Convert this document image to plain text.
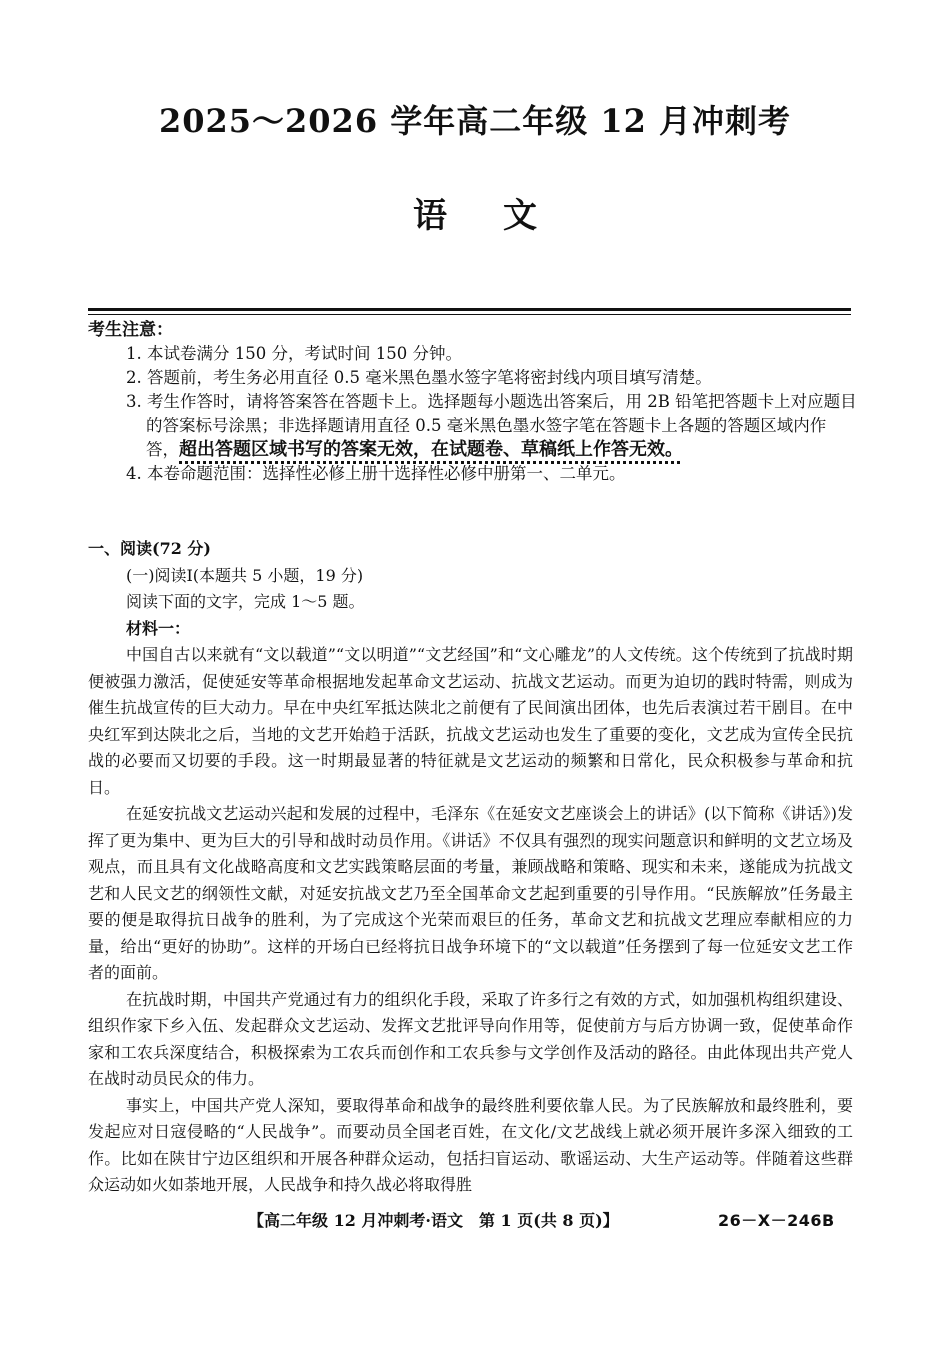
2025～2026 学年高二年级 12 月冲刺考
语文
考生注意：
1. 本试卷满分 150 分，考试时间 150 分钟。
2. 答题前，考生务必用直径 0.5 毫米黑色墨水签字笔将密封线内项目填写清楚。
3. 考生作答时，请将答案答在答题卡上。选择题每小题选出答案后，用 2B 铅笔把答题卡上对应题目的答案标号涂黑；非选择题请用直径 0.5 毫米黑色墨水签字笔在答题卡上各题的答题区域内作答，超出答题区域书写的答案无效，在试题卷、草稿纸上作答无效。
4. 本卷命题范围：选择性必修上册十选择性必修中册第一、二单元。
一、阅读(72 分)
(一)阅读Ⅰ(本题共 5 小题，19 分)
阅读下面的文字，完成 1～5 题。
材料一：

中国自古以来就有“文以载道”“文以明道”“文艺经国”和“文心雕龙”的人文传统。这个传统到了抗战时期便被强力激活，促使延安等革命根据地发起革命文艺运动、抗战文艺运动。而更为迫切的践时特需，则成为催生抗战宣传的巨大动力。早在中央红军抵达陕北之前便有了民间演出团体，也先后表演过若干剧目。在中央红军到达陕北之后，当地的文艺开始趋于活跃，抗战文艺运动也发生了重要的变化，文艺成为宣传全民抗战的必要而又切要的手段。这一时期最显著的特征就是文艺运动的频繁和日常化，民众积极参与革命和抗日。

在延安抗战文艺运动兴起和发展的过程中，毛泽东《在延安文艺座谈会上的讲话》(以下简称《讲话》)发挥了更为集中、更为巨大的引导和战时动员作用。《讲话》不仅具有强烈的现实问题意识和鲜明的文艺立场及观点，而且具有文化战略高度和文艺实践策略层面的考量，兼顾战略和策略、现实和未来，遂能成为抗战文艺和人民文艺的纲领性文献，对延安抗战文艺乃至全国革命文艺起到重要的引导作用。“民族解放”任务最主要的便是取得抗日战争的胜利，为了完成这个光荣而艰巨的任务，革命文艺和抗战文艺理应奉献相应的力量，给出“更好的协助”。这样的开场白已经将抗日战争环境下的“文以载道”任务摆到了每一位延安文艺工作者的面前。

在抗战时期，中国共产党通过有力的组织化手段，采取了许多行之有效的方式，如加强机构组织建设、组织作家下乡入伍、发起群众文艺运动、发挥文艺批评导向作用等，促使前方与后方协调一致，促使革命作家和工农兵深度结合，积极探索为工农兵而创作和工农兵参与文学创作及活动的路径。由此体现出共产党人在战时动员民众的伟力。

事实上，中国共产党人深知，要取得革命和战争的最终胜利要依靠人民。为了民族解放和最终胜利，要发起应对日寇侵略的“人民战争”。而要动员全国老百姓，在文化/文艺战线上就必须开展许多深入细致的工作。比如在陕甘宁边区组织和开展各种群众运动，包括扫盲运动、歌谣运动、大生产运动等。伴随着这些群众运动如火如荼地开展，人民战争和持久战必将取得胜

【高二年级 12 月冲刺考·语文　第 1 页(共 8 页)】	26－X－246B
